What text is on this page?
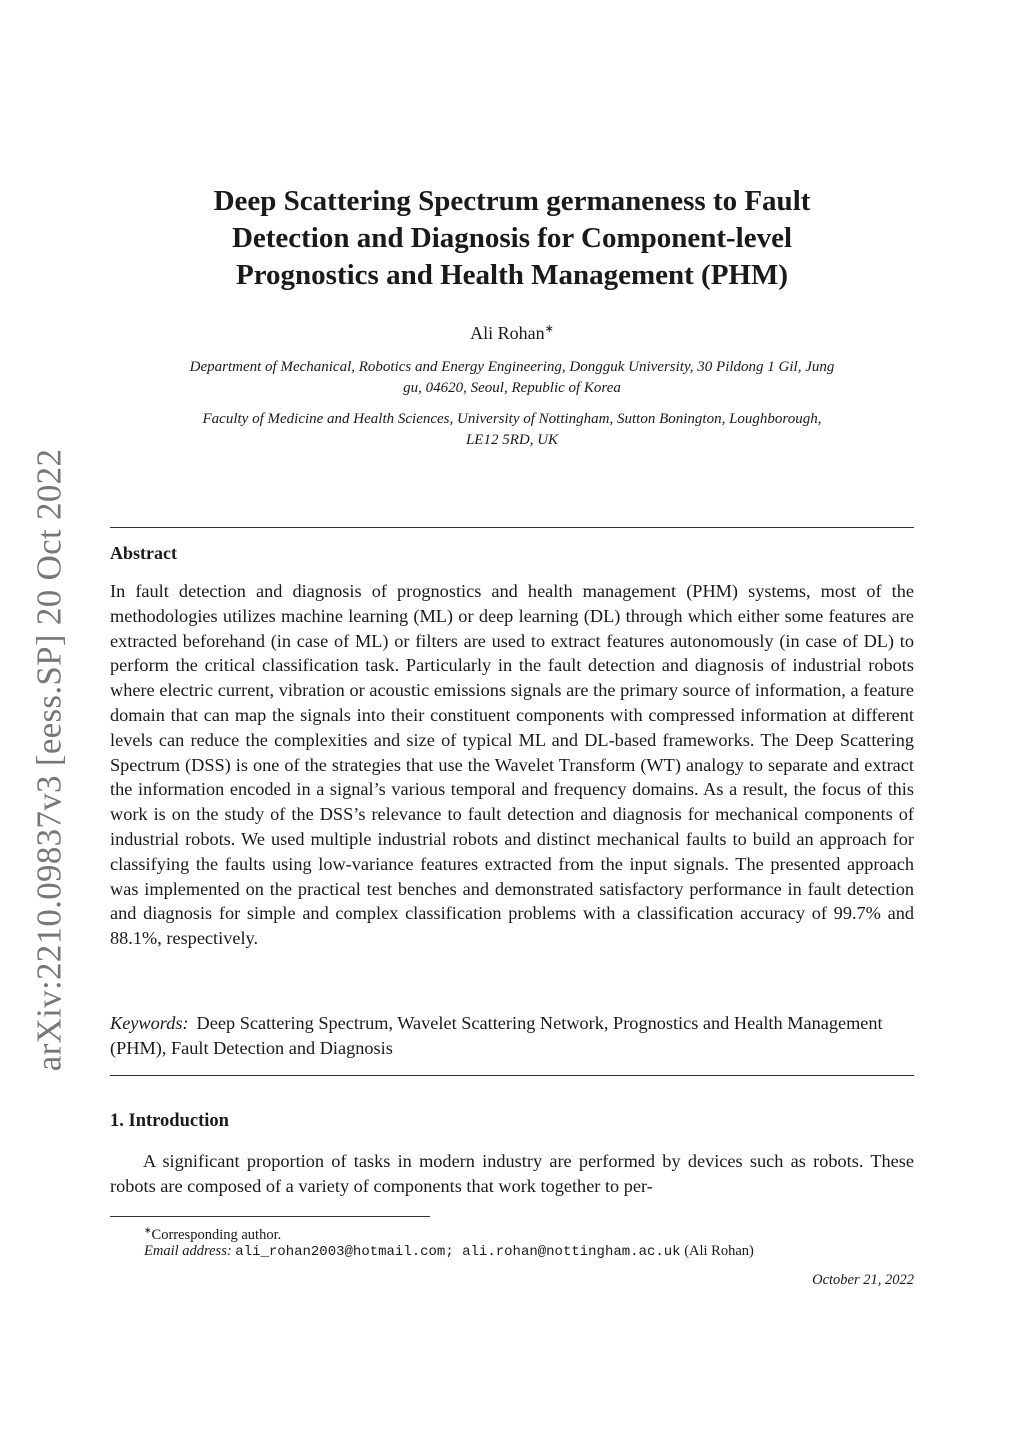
arXiv:2210.09837v3 [eess.SP] 20 Oct 2022
Deep Scattering Spectrum germaneness to Fault
Detection and Diagnosis for Component-level
Prognostics and Health Management (PHM)
Ali Rohan∗
Department of Mechanical, Robotics and Energy Engineering, Dongguk University, 30 Pildong 1 Gil, Jung
gu, 04620, Seoul, Republic of Korea
Faculty of Medicine and Health Sciences, University of Nottingham, Sutton Bonington, Loughborough,
LE12 5RD, UK
Abstract
In fault detection and diagnosis of prognostics and health management (PHM) systems, most of the methodologies utilizes machine learning (ML) or deep learning (DL) through which either some features are extracted beforehand (in case of ML) or filters are used to extract features autonomously (in case of DL) to perform the critical classification task. Particularly in the fault detection and diagnosis of industrial robots where electric current, vibration or acoustic emissions signals are the primary source of information, a feature domain that can map the signals into their constituent components with compressed information at different levels can reduce the complexities and size of typical ML and DL-based frameworks. The Deep Scattering Spectrum (DSS) is one of the strategies that use the Wavelet Transform (WT) analogy to separate and extract the information encoded in a signal’s various temporal and frequency domains. As a result, the focus of this work is on the study of the DSS’s relevance to fault detection and diagnosis for mechanical components of industrial robots. We used multiple industrial robots and distinct mechanical faults to build an approach for classifying the faults using low-variance features extracted from the input signals. The presented approach was implemented on the practical test benches and demonstrated satisfactory performance in fault detection and diagnosis for simple and complex classification problems with a classification accuracy of 99.7% and 88.1%, respectively.
Keywords: Deep Scattering Spectrum, Wavelet Scattering Network, Prognostics and Health Management (PHM), Fault Detection and Diagnosis
1. Introduction
A significant proportion of tasks in modern industry are performed by devices such as robots. These robots are composed of a variety of components that work together to per-
∗Corresponding author.
Email address: ali_rohan2003@hotmail.com; ali.rohan@nottingham.ac.uk (Ali Rohan)
October 21, 2022
